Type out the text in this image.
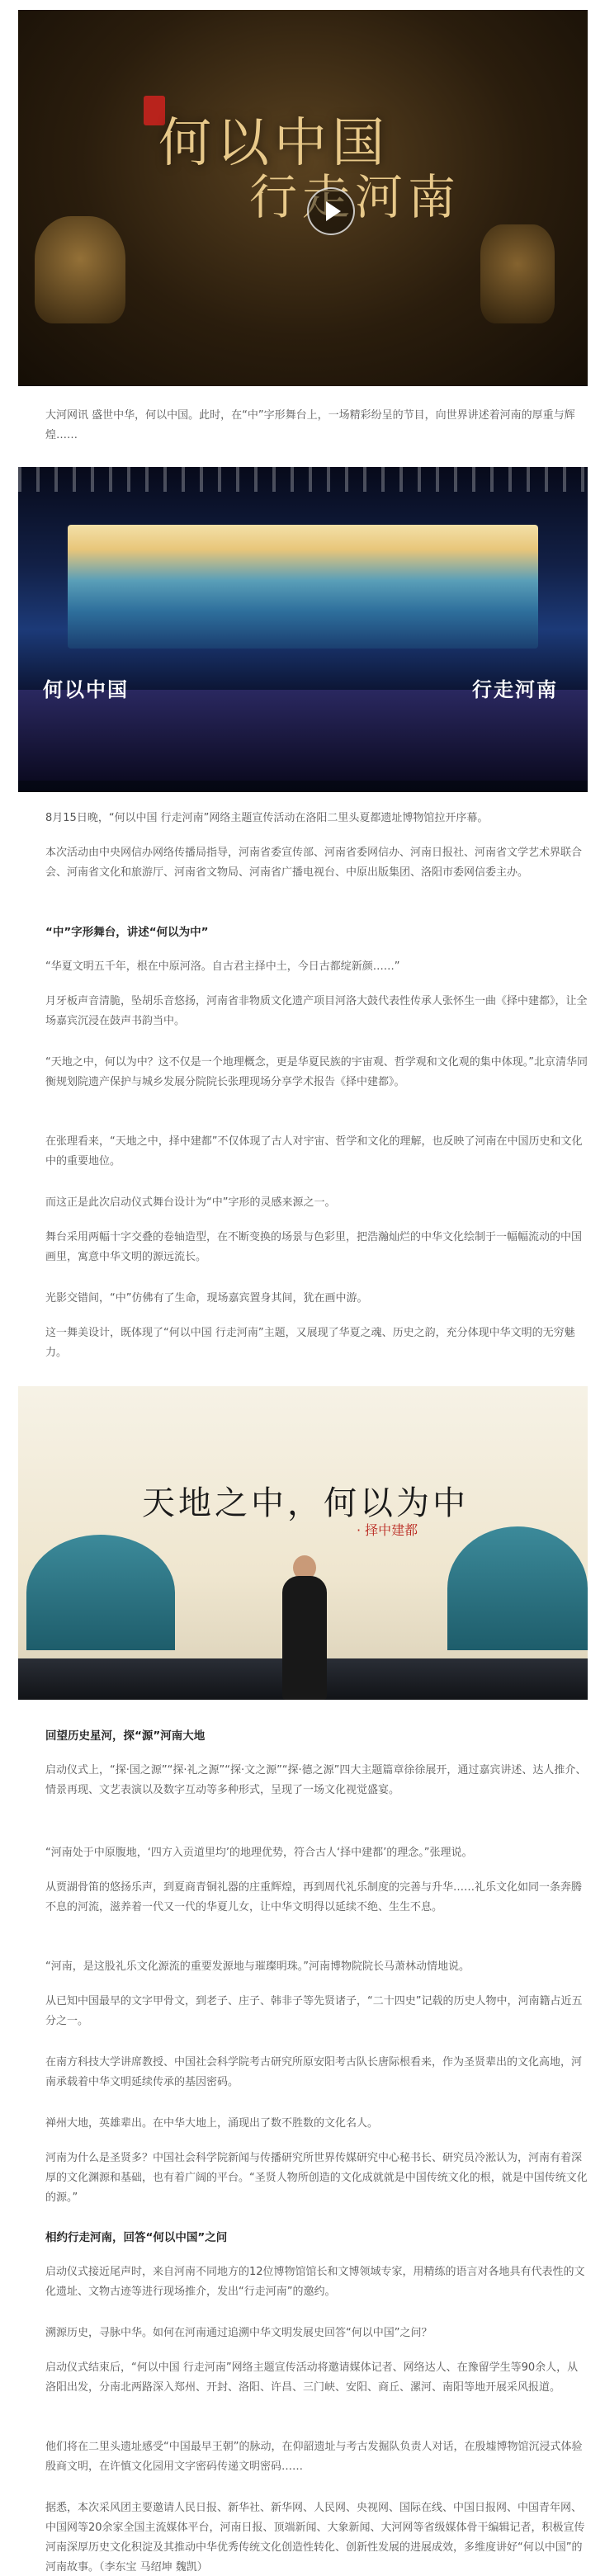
何以中国
行走河南

大河网讯 盛世中华，何以中国。此时，在“中”字形舞台上，一场精彩纷呈的节目，向世界讲述着河南的厚重与辉煌……

何以中国	行走河南

8月15日晚，“何以中国 行走河南”网络主题宣传活动在洛阳二里头夏都遗址博物馆拉开序幕。

本次活动由中央网信办网络传播局指导，河南省委宣传部、河南省委网信办、河南日报社、河南省文学艺术界联合会、河南省文化和旅游厅、河南省文物局、河南省广播电视台、中原出版集团、洛阳市委网信委主办。

“中”字形舞台，讲述“何以为中”

“华夏文明五千年，根在中原河洛。自古君主择中土，今日古都绽新颜……”

月牙板声音清脆，坠胡乐音悠扬，河南省非物质文化遗产项目河洛大鼓代表性传承人张怀生一曲《择中建都》，让全场嘉宾沉浸在鼓声书韵当中。

“天地之中，何以为中？这不仅是一个地理概念，更是华夏民族的宇宙观、哲学观和文化观的集中体现。”北京清华同衡规划院遗产保护与城乡发展分院院长张理现场分享学术报告《择中建都》。

在张理看来，“天地之中，择中建都”不仅体现了古人对宇宙、哲学和文化的理解，也反映了河南在中国历史和文化中的重要地位。

而这正是此次启动仪式舞台设计为“中”字形的灵感来源之一。

舞台采用两幅十字交叠的卷轴造型，在不断变换的场景与色彩里，把浩瀚灿烂的中华文化绘制于一幅幅流动的中国画里，寓意中华文明的源远流长。

光影交错间，“中”仿佛有了生命，现场嘉宾置身其间，犹在画中游。

这一舞美设计，既体现了“何以中国 行走河南”主题，又展现了华夏之魂、历史之韵，充分体现中华文明的无穷魅力。

天地之中，何以为中
· 择中建都

回望历史星河，探“源”河南大地

启动仪式上，“探·国之源”“探·礼之源”“探·文之源”“探·德之源”四大主题篇章徐徐展开，通过嘉宾讲述、达人推介、情景再现、文艺表演以及数字互动等多种形式，呈现了一场文化视觉盛宴。

“河南处于中原腹地，‘四方入贡道里均’的地理优势，符合古人‘择中建都’的理念。”张理说。

从贾湖骨笛的悠扬乐声，到夏商青铜礼器的庄重辉煌，再到周代礼乐制度的完善与升华……礼乐文化如同一条奔腾不息的河流，滋养着一代又一代的华夏儿女，让中华文明得以延续不绝、生生不息。

“河南，是这股礼乐文化源流的重要发源地与璀璨明珠。”河南博物院院长马萧林动情地说。

从已知中国最早的文字甲骨文，到老子、庄子、韩非子等先贤诸子，“二十四史”记载的历史人物中，河南籍占近五分之一。

在南方科技大学讲席教授、中国社会科学院考古研究所原安阳考古队长唐际根看来，作为圣贤辈出的文化高地，河南承载着中华文明延续传承的基因密码。

禅州大地，英雄辈出。在中华大地上，涌现出了数不胜数的文化名人。

河南为什么是圣贤多？中国社会科学院新闻与传播研究所世界传媒研究中心秘书长、研究员冷淞认为，河南有着深厚的文化渊源和基础，也有着广阔的平台。“圣贤人物所创造的文化成就就是中国传统文化的根，就是中国传统文化的源。”

相约行走河南，回答“何以中国”之问

启动仪式接近尾声时，来自河南不同地方的12位博物馆馆长和文博领域专家，用精练的语言对各地具有代表性的文化遗址、文物古迹等进行现场推介，发出“行走河南”的邀约。

溯源历史，寻脉中华。如何在河南通过追溯中华文明发展史回答“何以中国”之问？

启动仪式结束后，“何以中国 行走河南”网络主题宣传活动将邀请媒体记者、网络达人、在豫留学生等90余人，从洛阳出发，分南北两路深入郑州、开封、洛阳、许昌、三门峡、安阳、商丘、漯河、南阳等地开展采风报道。

他们将在二里头遗址感受“中国最早王朝”的脉动，在仰韶遗址与考古发掘队负责人对话，在殷墟博物馆沉浸式体验殷商文明，在许慎文化园用文字密码传递文明密码……

据悉，本次采风团主要邀请人民日报、新华社、新华网、人民网、央视网、国际在线、中国日报网、中国青年网、中国网等20余家全国主流媒体平台，河南日报、顶端新闻、大象新闻、大河网等省级媒体骨干编辑记者，积极宣传河南深厚历史文化积淀及其推动中华优秀传统文化创造性转化、创新性发展的进展成效，多维度讲好“何以中国”的河南故事。（李东宝 马绍坤 魏凯）
